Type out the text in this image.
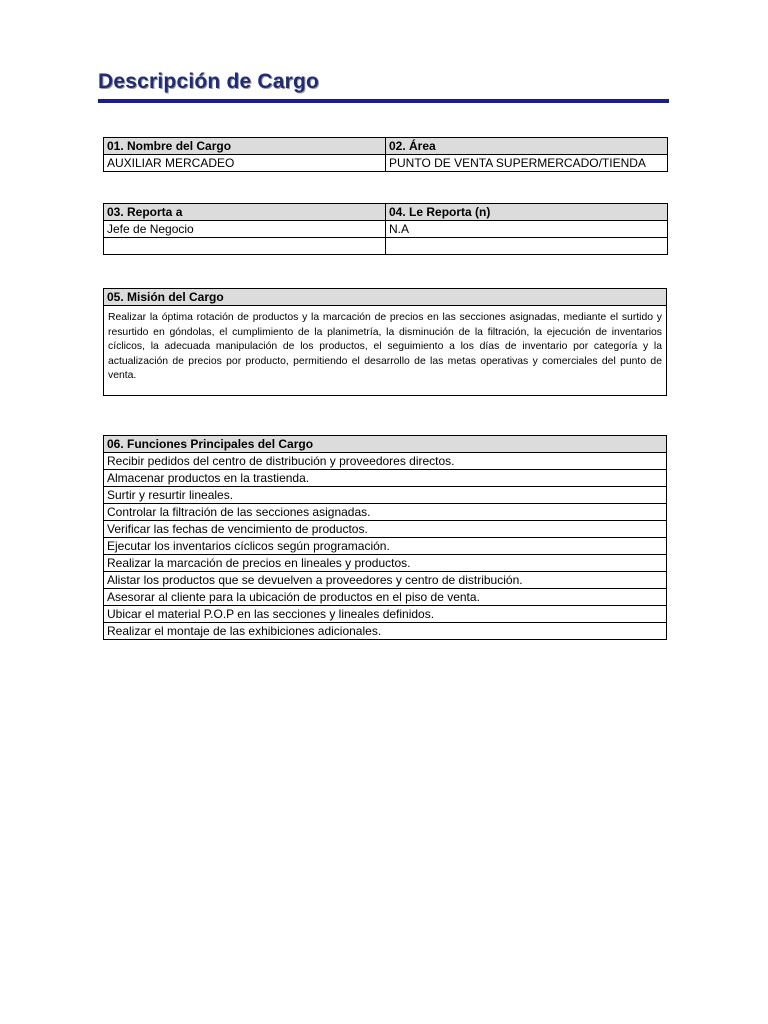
Descripción de Cargo
01. Nombre del Cargo	02. Área
AUXILIAR MERCADEO	PUNTO DE VENTA SUPERMERCADO/TIENDA
03. Reporta a	04. Le Reporta (n)
Jefe de Negocio	N.A

05. Misión del Cargo
Realizar la óptima rotación de productos y la marcación de precios en las secciones asignadas, mediante el surtido y resurtido en góndolas, el cumplimiento de la planimetría, la disminución de la filtración, la ejecución de inventarios cíclicos, la adecuada manipulación de los productos, el seguimiento a los días de inventario por categoría y la actualización de precios por producto, permitiendo el desarrollo de las metas operativas y comerciales del punto de venta.
06. Funciones Principales del Cargo
Recibir pedidos del centro de distribución y proveedores directos.
Almacenar productos en la trastienda.
Surtir y resurtir lineales.
Controlar la filtración de las secciones asignadas.
Verificar las fechas de vencimiento de productos.
Ejecutar los inventarios cíclicos según programación.
Realizar la marcación de precios en lineales y productos.
Alistar los productos que se devuelven a proveedores y centro de distribución.
Asesorar al cliente para la ubicación de productos en el piso de venta.
Ubicar el material P.O.P en las secciones y lineales definidos.
Realizar el montaje de las exhibiciones adicionales.
